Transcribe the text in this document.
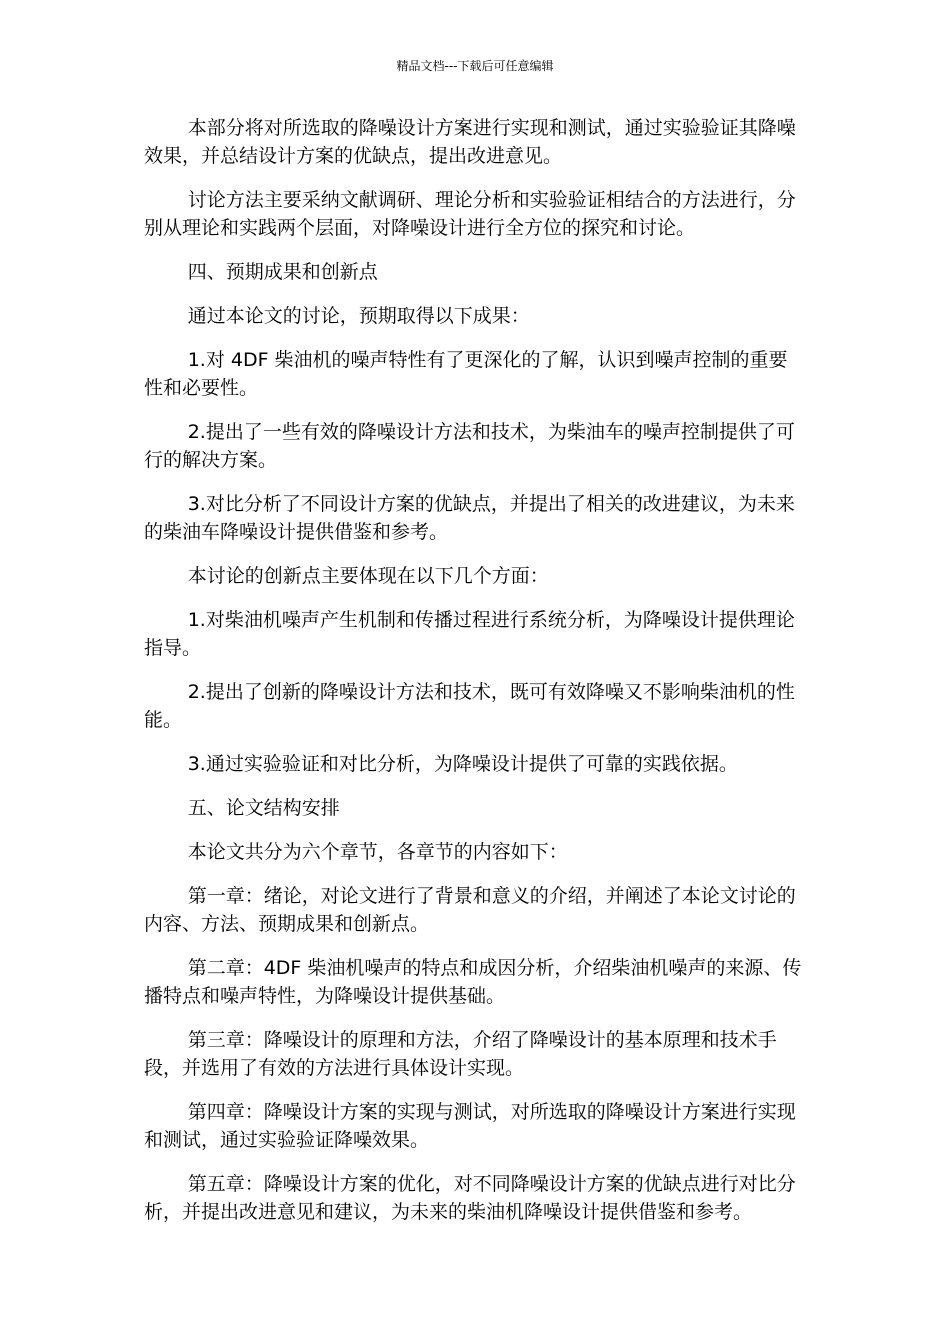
精品文档---下载后可任意编辑

本部分将对所选取的降噪设计方案进行实现和测试，通过实验验证其降噪效果，并总结设计方案的优缺点，提出改进意见。

讨论方法主要采纳文献调研、理论分析和实验验证相结合的方法进行，分别从理论和实践两个层面，对降噪设计进行全方位的探究和讨论。

四、预期成果和创新点

通过本论文的讨论，预期取得以下成果：

1.对 4DF 柴油机的噪声特性有了更深化的了解，认识到噪声控制的重要性和必要性。

2.提出了一些有效的降噪设计方法和技术，为柴油车的噪声控制提供了可行的解决方案。

3.对比分析了不同设计方案的优缺点，并提出了相关的改进建议，为未来的柴油车降噪设计提供借鉴和参考。

本讨论的创新点主要体现在以下几个方面：

1.对柴油机噪声产生机制和传播过程进行系统分析，为降噪设计提供理论指导。

2.提出了创新的降噪设计方法和技术，既可有效降噪又不影响柴油机的性能。

3.通过实验验证和对比分析，为降噪设计提供了可靠的实践依据。

五、论文结构安排

本论文共分为六个章节，各章节的内容如下：

第一章：绪论，对论文进行了背景和意义的介绍，并阐述了本论文讨论的内容、方法、预期成果和创新点。

第二章：4DF 柴油机噪声的特点和成因分析，介绍柴油机噪声的来源、传播特点和噪声特性，为降噪设计提供基础。

第三章：降噪设计的原理和方法，介绍了降噪设计的基本原理和技术手段，并选用了有效的方法进行具体设计实现。

第四章：降噪设计方案的实现与测试，对所选取的降噪设计方案进行实现和测试，通过实验验证降噪效果。

第五章：降噪设计方案的优化，对不同降噪设计方案的优缺点进行对比分析，并提出改进意见和建议，为未来的柴油机降噪设计提供借鉴和参考。
